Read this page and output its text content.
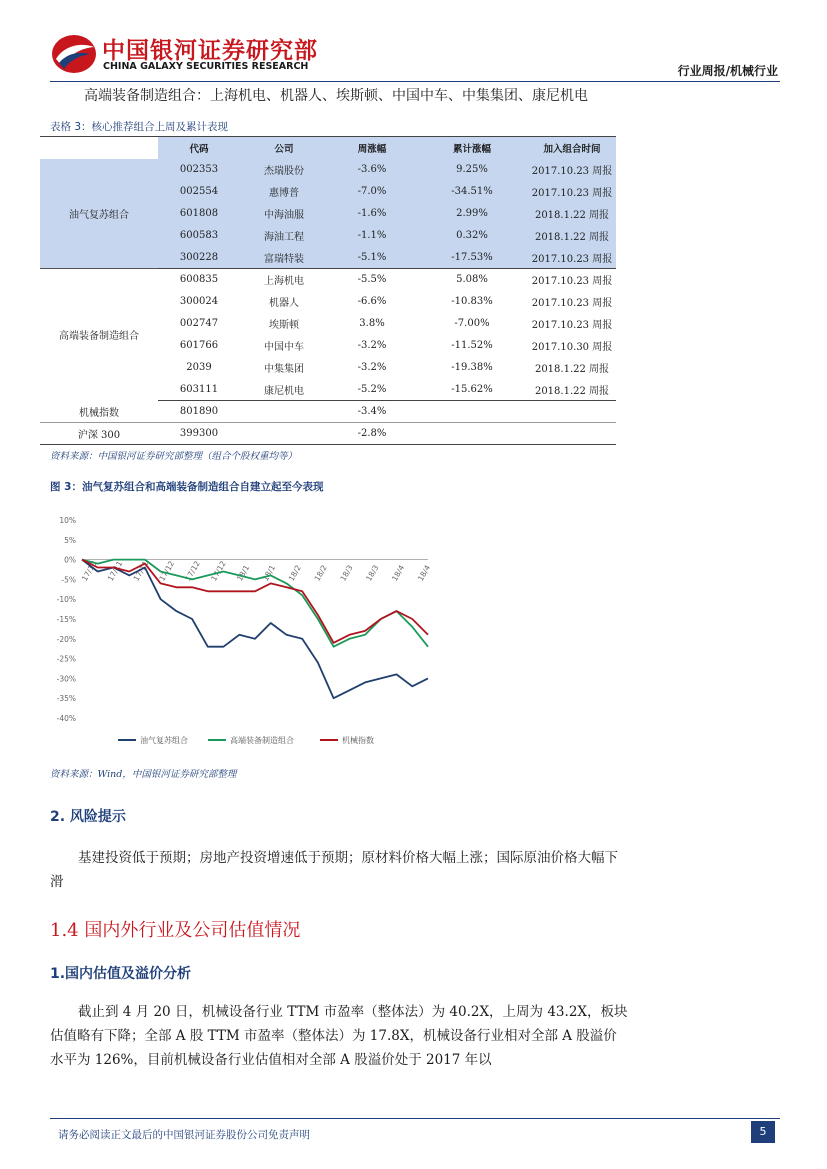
中国银河证券研究部
CHINA GALAXY SECURITIES RESEARCH	行业周报/机械行业
高端装备制造组合：上海机电、机器人、埃斯顿、中国中车、中集集团、康尼机电
表格 3：核心推荐组合上周及累计表现
	代码	公司	周涨幅	累计涨幅	加入组合时间
油气复苏组合	002353	杰瑞股份	-3.6%	9.25%	2017.10.23 周报
	002554	惠博普	-7.0%	-34.51%	2017.10.23 周报
	601808	中海油服	-1.6%	2.99%	2018.1.22 周报
	600583	海油工程	-1.1%	0.32%	2018.1.22 周报
	300228	富瑞特装	-5.1%	-17.53%	2017.10.23 周报
高端装备制造组合	600835	上海机电	-5.5%	5.08%	2017.10.23 周报
	300024	机器人	-6.6%	-10.83%	2017.10.23 周报
	002747	埃斯顿	3.8%	-7.00%	2017.10.23 周报
	601766	中国中车	-3.2%	-11.52%	2017.10.30 周报
	2039	中集集团	-3.2%	-19.38%	2018.1.22 周报
	603111	康尼机电	-5.2%	-15.62%	2018.1.22 周报
机械指数	801890		-3.4%		
沪深 300	399300		-2.8%		
资料来源：中国银河证券研究部整理（组合个股权重均等）
图 3：油气复苏组合和高端装备制造组合自建立起至今表现
10%
5%
0%
-5%
-10%
-15%
-20%
-25%
-30%
-35%
-40%
17/10 17/11 17/11 17/12 17/12 17/12 18/1 18/1 18/2 18/2 18/3 18/3 18/4 18/4
油气复苏组合	高端装备制造组合	机械指数
资料来源：Wind，中国银河证券研究部整理
2. 风险提示
基建投资低于预期；房地产投资增速低于预期；原材料价格大幅上涨；国际原油价格大幅下滑
1.4 国内外行业及公司估值情况
1.国内估值及溢价分析
截止到 4 月 20 日，机械设备行业 TTM 市盈率（整体法）为 40.2X，上周为 43.2X，板块估值略有下降；全部 A 股 TTM 市盈率（整体法）为 17.8X，机械设备行业相对全部 A 股溢价水平为 126%，目前机械设备行业估值相对全部 A 股溢价处于 2017 年以
请务必阅读正文最后的中国银河证券股份公司免责声明	5
